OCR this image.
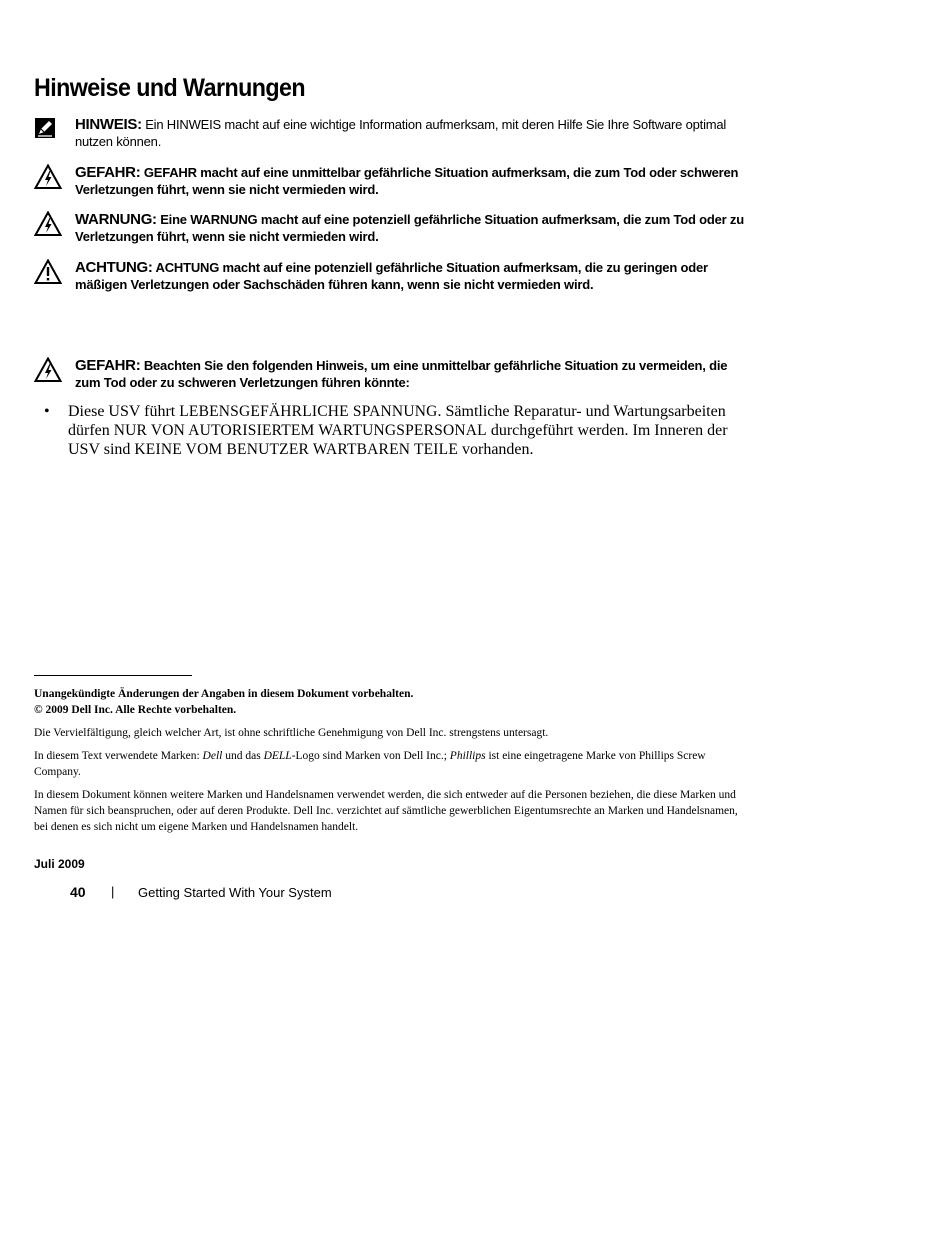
Hinweise und Warnungen
HINWEIS: Ein HINWEIS macht auf eine wichtige Information aufmerksam, mit deren Hilfe Sie Ihre Software optimal nutzen können.
GEFAHR: GEFAHR macht auf eine unmittelbar gefährliche Situation aufmerksam, die zum Tod oder schweren Verletzungen führt, wenn sie nicht vermieden wird.
WARNUNG: Eine WARNUNG macht auf eine potenziell gefährliche Situation aufmerksam, die zum Tod oder zu Verletzungen führt, wenn sie nicht vermieden wird.
ACHTUNG: ACHTUNG macht auf eine potenziell gefährliche Situation aufmerksam, die zu geringen oder mäßigen Verletzungen oder Sachschäden führen kann, wenn sie nicht vermieden wird.
GEFAHR: Beachten Sie den folgenden Hinweis, um eine unmittelbar gefährliche Situation zu vermeiden, die zum Tod oder zu schweren Verletzungen führen könnte:
• Diese USV führt LEBENSGEFÄHRLICHE SPANNUNG. Sämtliche Reparatur- und Wartungsarbeiten dürfen NUR VON AUTORISIERTEM WARTUNGSPERSONAL durchgeführt werden. Im Inneren der USV sind KEINE VOM BENUTZER WARTBAREN TEILE vorhanden.

Unangekündigte Änderungen der Angaben in diesem Dokument vorbehalten.
© 2009 Dell Inc. Alle Rechte vorbehalten.

Die Vervielfältigung, gleich welcher Art, ist ohne schriftliche Genehmigung von Dell Inc. strengstens untersagt.

In diesem Text verwendete Marken: Dell und das DELL-Logo sind Marken von Dell Inc.; Phillips ist eine eingetragene Marke von Phillips Screw Company.

In diesem Dokument können weitere Marken und Handelsnamen verwendet werden, die sich entweder auf die Personen beziehen, die diese Marken und Namen für sich beanspruchen, oder auf deren Produkte. Dell Inc. verzichtet auf sämtliche gewerblichen Eigentumsrechte an Marken und Handelsnamen, bei denen es sich nicht um eigene Marken und Handelsnamen handelt.

Juli 2009
40 | Getting Started With Your System
